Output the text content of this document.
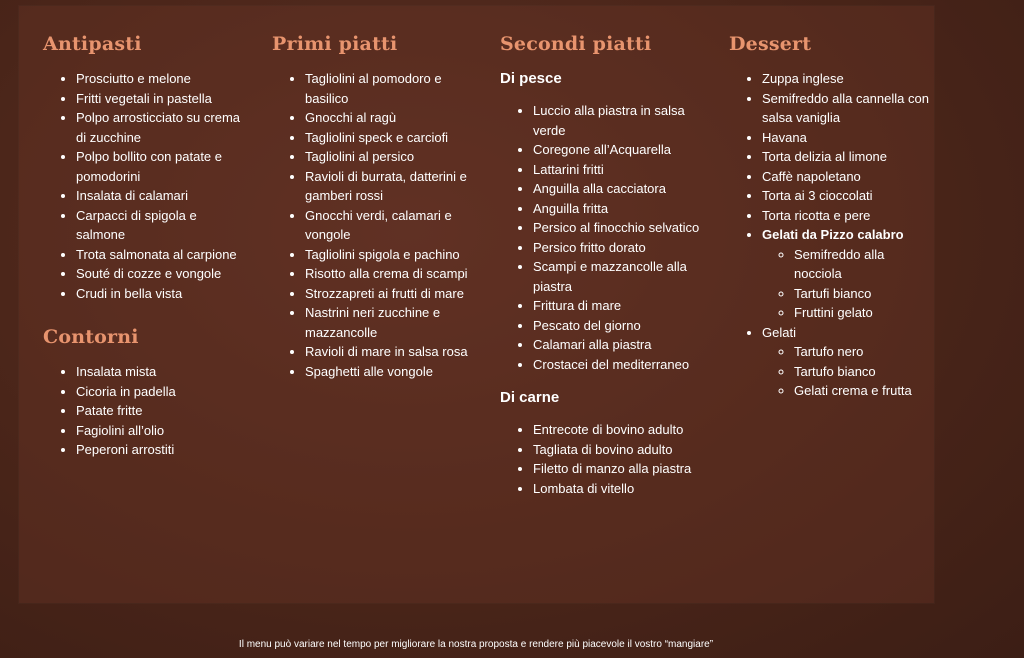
Antipasti
• Prosciutto e melone
• Fritti vegetali in pastella
• Polpo arrosticciato su crema di zucchine
• Polpo bollito con patate e pomodorini
• Insalata di calamari
• Carpacci di spigola e salmone
• Trota salmonata al carpione
• Souté di cozze e vongole
• Crudi in bella vista
Contorni
• Insalata mista
• Cicoria in padella
• Patate fritte
• Fagiolini all’olio
• Peperoni arrostiti
Primi piatti
• Tagliolini al pomodoro e basilico
• Gnocchi al ragù
• Tagliolini speck e carciofi
• Tagliolini al persico
• Ravioli di burrata, datterini e gamberi rossi
• Gnocchi verdi, calamari e vongole
• Tagliolini spigola e pachino
• Risotto alla crema di scampi
• Strozzapreti ai frutti di mare
• Nastrini neri zucchine e mazzancolle
• Ravioli di mare in salsa rosa
• Spaghetti alle vongole
Secondi piatti
Di pesce
• Luccio alla piastra in salsa verde
• Coregone all’Acquarella
• Lattarini fritti
• Anguilla alla cacciatora
• Anguilla fritta
• Persico al finocchio selvatico
• Persico fritto dorato
• Scampi e mazzancolle alla piastra
• Frittura di mare
• Pescato del giorno
• Calamari alla piastra
• Crostacei del mediterraneo
Di carne
• Entrecote di bovino adulto
• Tagliata di bovino adulto
• Filetto di manzo alla piastra
• Lombata di vitello
Dessert
• Zuppa inglese
• Semifreddo alla cannella con salsa vaniglia
• Havana
• Torta delizia al limone
• Caffè napoletano
• Torta ai 3 cioccolati
• Torta ricotta e pere
• Gelati da Pizzo calabro
◦ Semifreddo alla nocciola
◦ Tartufi bianco
◦ Fruttini gelato
• Gelati
◦ Tartufo nero
◦ Tartufo bianco
◦ Gelati crema e frutta
Il menu può variare nel tempo per migliorare la nostra proposta e rendere più piacevole il vostro “mangiare”
